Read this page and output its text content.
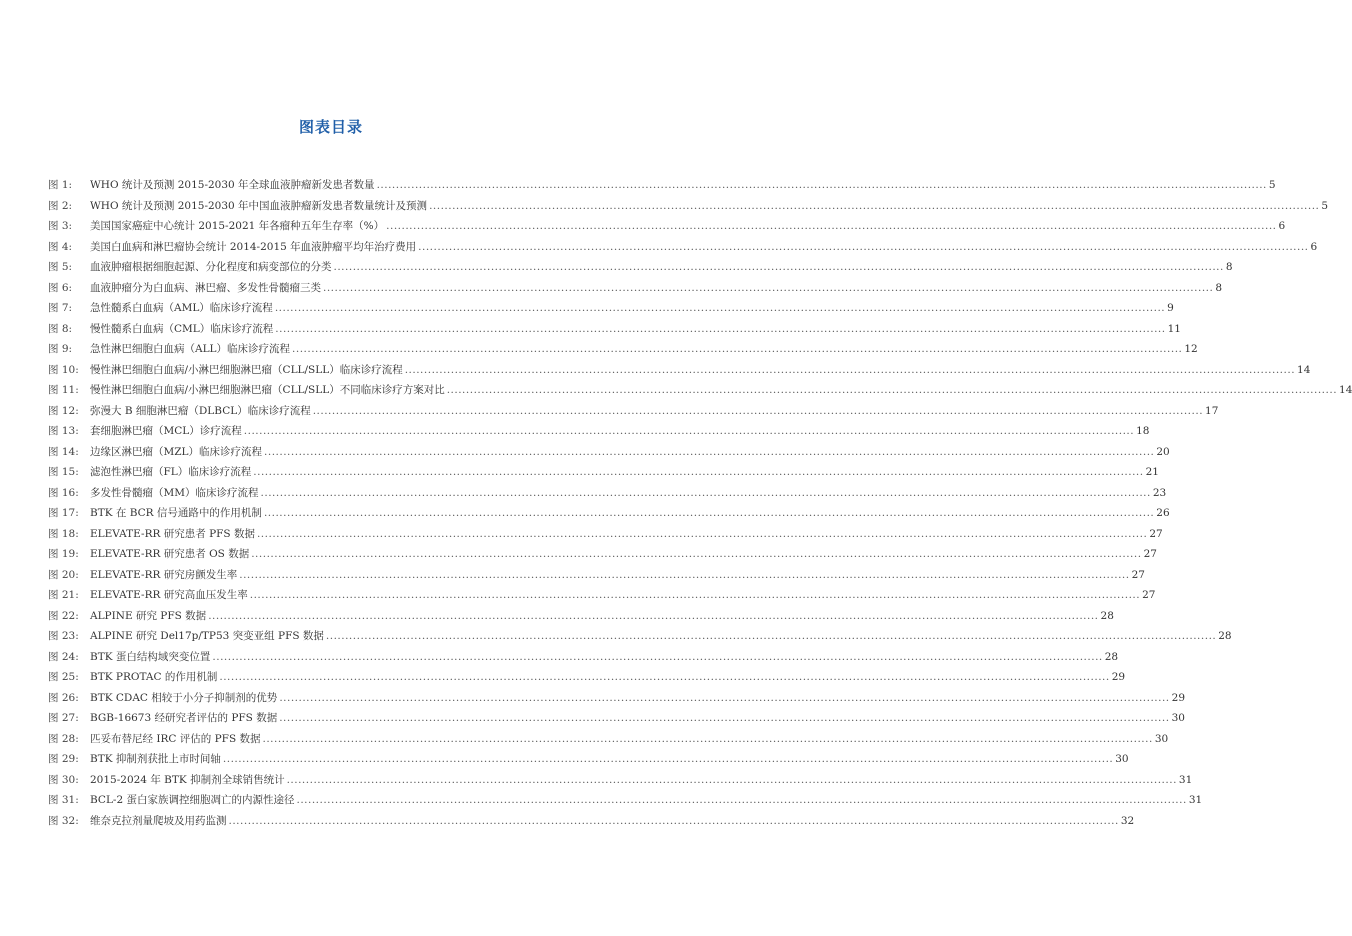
图表目录
图 1:	WHO 统计及预测 2015-2030 年全球血液肿瘤新发患者数量 .....	5
图 2:	WHO 统计及预测 2015-2030 年中国血液肿瘤新发患者数量统计及预测 .....	5
图 3:	美国国家癌症中心统计 2015-2021 年各瘤种五年生存率（%） .....	6
图 4:	美国白血病和淋巴瘤协会统计 2014-2015 年血液肿瘤平均年治疗费用 .....	6
图 5:	血液肿瘤根据细胞起源、分化程度和病变部位的分类 .....	8
图 6:	血液肿瘤分为白血病、淋巴瘤、多发性骨髓瘤三类 .....	8
图 7:	急性髓系白血病（AML）临床诊疗流程 .....	9
图 8:	慢性髓系白血病（CML）临床诊疗流程 .....	11
图 9:	急性淋巴细胞白血病（ALL）临床诊疗流程 .....	12
图 10:	慢性淋巴细胞白血病/小淋巴细胞淋巴瘤（CLL/SLL）临床诊疗流程 .....	14
图 11:	慢性淋巴细胞白血病/小淋巴细胞淋巴瘤（CLL/SLL）不同临床诊疗方案对比 .....	14
图 12:	弥漫大 B 细胞淋巴瘤（DLBCL）临床诊疗流程 .....	17
图 13:	套细胞淋巴瘤（MCL）诊疗流程 .....	18
图 14:	边缘区淋巴瘤（MZL）临床诊疗流程 .....	20
图 15:	滤泡性淋巴瘤（FL）临床诊疗流程 .....	21
图 16:	多发性骨髓瘤（MM）临床诊疗流程 .....	23
图 17:	BTK 在 BCR 信号通路中的作用机制 .....	26
图 18:	ELEVATE-RR 研究患者 PFS 数据 .....	27
图 19:	ELEVATE-RR 研究患者 OS 数据 .....	27
图 20:	ELEVATE-RR 研究房颤发生率 .....	27
图 21:	ELEVATE-RR 研究高血压发生率 .....	27
图 22:	ALPINE 研究 PFS 数据 .....	28
图 23:	ALPINE 研究 Del17p/TP53 突变亚组 PFS 数据 .....	28
图 24:	BTK 蛋白结构域突变位置 .....	28
图 25:	BTK PROTAC 的作用机制 .....	29
图 26:	BTK CDAC 相较于小分子抑制剂的优势 .....	29
图 27:	BGB-16673 经研究者评估的 PFS 数据 .....	30
图 28:	匹妥布替尼经 IRC 评估的 PFS 数据 .....	30
图 29:	BTK 抑制剂获批上市时间轴 .....	30
图 30:	2015-2024 年 BTK 抑制剂全球销售统计 .....	31
图 31:	BCL-2 蛋白家族调控细胞凋亡的内源性途径 .....	31
图 32:	维奈克拉剂量爬坡及用药监测 .....	32
